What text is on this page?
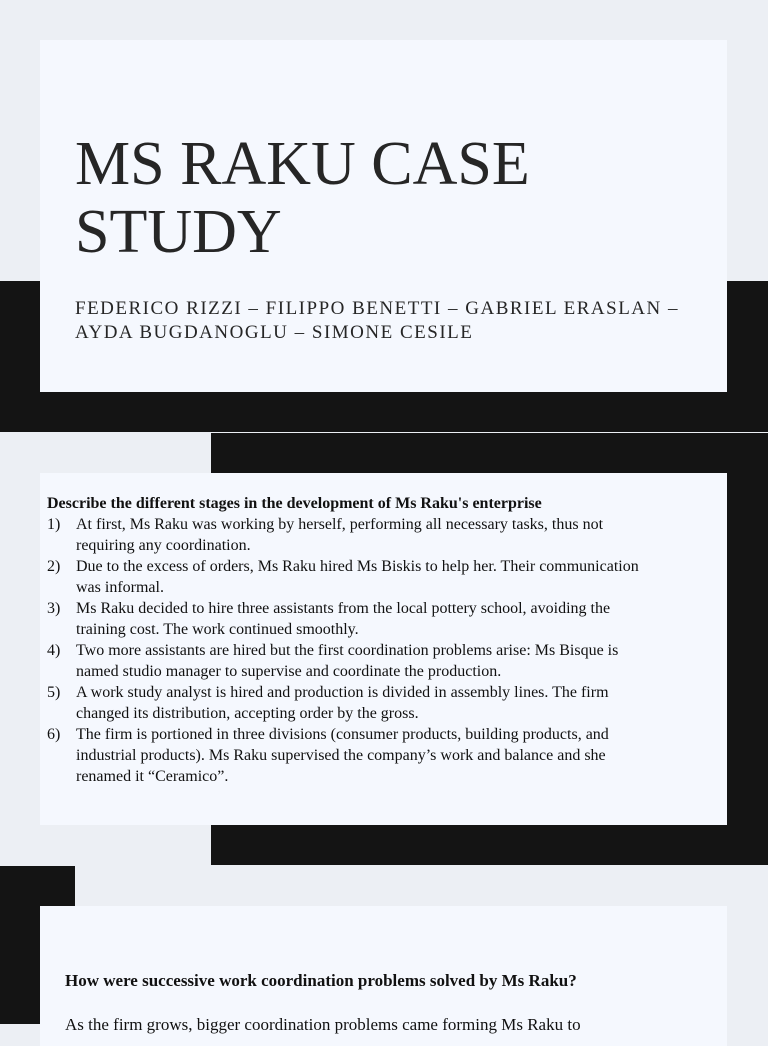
MS RAKU CASE
STUDY

FEDERICO RIZZI – FILIPPO BENETTI – GABRIEL ERASLAN –
AYDA BUGDANOGLU – SIMONE CESILE

Describe the different stages in the development of Ms Raku's enterprise

1) At first, Ms Raku was working by herself, performing all necessary tasks, thus not
requiring any coordination.
2) Due to the excess of orders, Ms Raku hired Ms Biskis to help her. Their communication
was informal.
3) Ms Raku decided to hire three assistants from the local pottery school, avoiding the
training cost. The work continued smoothly.
4) Two more assistants are hired but the first coordination problems arise: Ms Bisque is
named studio manager to supervise and coordinate the production.
5) A work study analyst is hired and production is divided in assembly lines. The firm
changed its distribution, accepting order by the gross.
6) The firm is portioned in three divisions (consumer products, building products, and
industrial products). Ms Raku supervised the company’s work and balance and she
renamed it “Ceramico”.

How were successive work coordination problems solved by Ms Raku?

As the firm grows, bigger coordination problems came forming Ms Raku to
